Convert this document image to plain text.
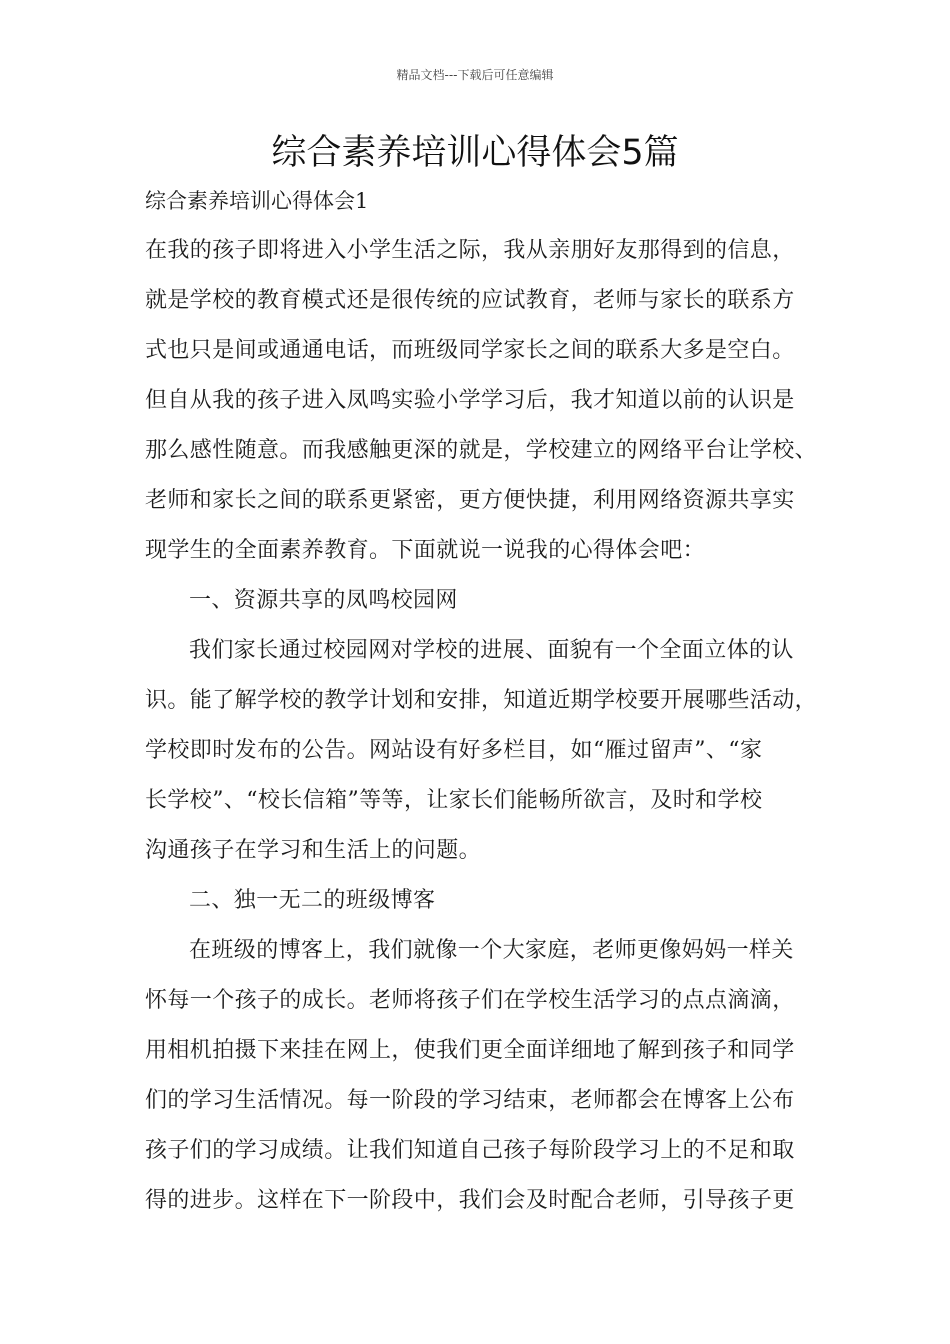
精品文档---下载后可任意编辑
综合素养培训心得体会5篇
综合素养培训心得体会1
在我的孩子即将进入小学生活之际，我从亲朋好友那得到的信息，
就是学校的教育模式还是很传统的应试教育，老师与家长的联系方
式也只是间或通通电话，而班级同学家长之间的联系大多是空白。
但自从我的孩子进入凤鸣实验小学学习后，我才知道以前的认识是
那么感性随意。而我感触更深的就是，学校建立的网络平台让学校、
老师和家长之间的联系更紧密，更方便快捷，利用网络资源共享实
现学生的全面素养教育。下面就说一说我的心得体会吧：
一、资源共享的凤鸣校园网
我们家长通过校园网对学校的进展、面貌有一个全面立体的认
识。能了解学校的教学计划和安排，知道近期学校要开展哪些活动，
学校即时发布的公告。网站设有好多栏目，如“雁过留声”、“家
长学校”、“校长信箱”等等，让家长们能畅所欲言，及时和学校
沟通孩子在学习和生活上的问题。
二、独一无二的班级博客
在班级的博客上，我们就像一个大家庭，老师更像妈妈一样关
怀每一个孩子的成长。老师将孩子们在学校生活学习的点点滴滴，
用相机拍摄下来挂在网上，使我们更全面详细地了解到孩子和同学
们的学习生活情况。每一阶段的学习结束，老师都会在博客上公布
孩子们的学习成绩。让我们知道自己孩子每阶段学习上的不足和取
得的进步。这样在下一阶段中，我们会及时配合老师，引导孩子更
